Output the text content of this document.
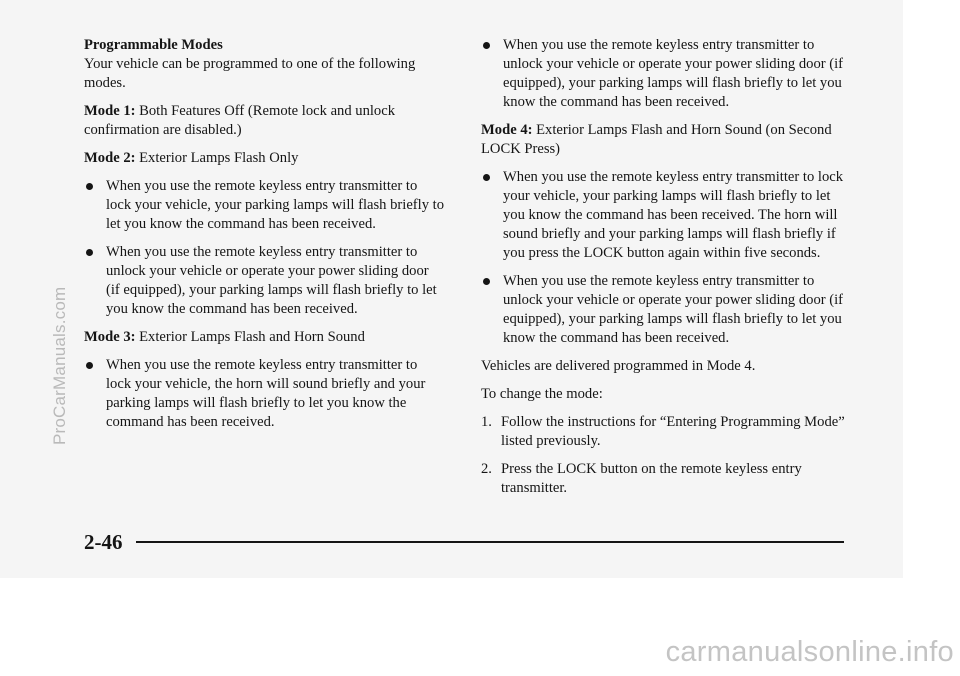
Programmable Modes

Your vehicle can be programmed to one of the following modes.

Mode 1: Both Features Off (Remote lock and unlock confirmation are disabled.)

Mode 2: Exterior Lamps Flash Only

When you use the remote keyless entry transmitter to lock your vehicle, your parking lamps will flash briefly to let you know the command has been received.
When you use the remote keyless entry transmitter to unlock your vehicle or operate your power sliding door (if equipped), your parking lamps will flash briefly to let you know the command has been received.

Mode 3: Exterior Lamps Flash and Horn Sound

When you use the remote keyless entry transmitter to lock your vehicle, the horn will sound briefly and your parking lamps will flash briefly to let you know the command has been received.
When you use the remote keyless entry transmitter to unlock your vehicle or operate your power sliding door (if equipped), your parking lamps will flash briefly to let you know the command has been received.

Mode 4: Exterior Lamps Flash and Horn Sound (on Second LOCK Press)

When you use the remote keyless entry transmitter to lock your vehicle, your parking lamps will flash briefly to let you know the command has been received. The horn will sound briefly and your parking lamps will flash briefly if you press the LOCK button again within five seconds.
When you use the remote keyless entry transmitter to unlock your vehicle or operate your power sliding door (if equipped), your parking lamps will flash briefly to let you know the command has been received.

Vehicles are delivered programmed in Mode 4.

To change the mode:

1. Follow the instructions for “Entering Programming Mode” listed previously.
2. Press the LOCK button on the remote keyless entry transmitter.
2-46
ProCarManuals.com
carmanualsonline.info
